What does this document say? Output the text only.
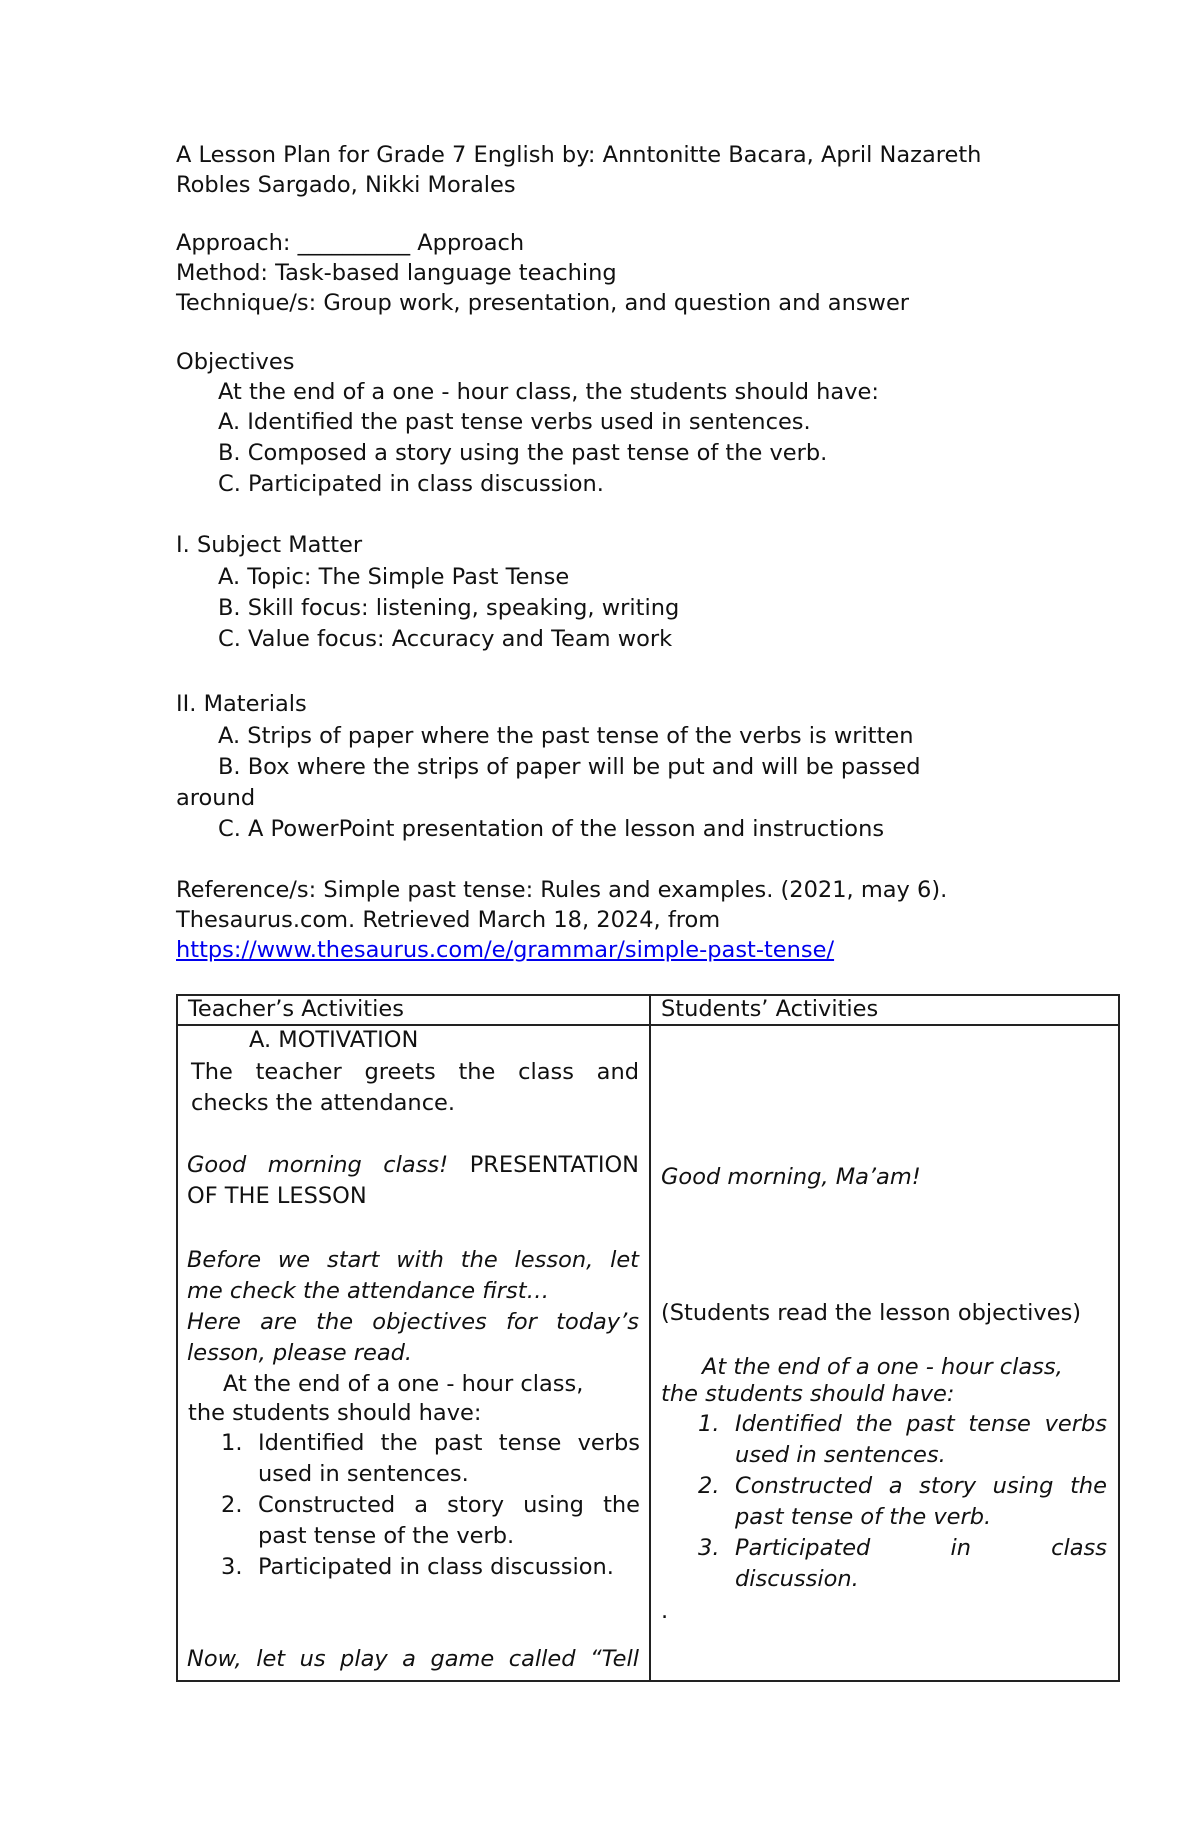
A Lesson Plan for Grade 7 English by: Anntonitte Bacara, April Nazareth
Robles Sargado, Nikki Morales
Approach: __________ Approach
Method: Task-based language teaching
Technique/s: Group work, presentation, and question and answer
Objectives
At the end of a one - hour class, the students should have:
A. Identified the past tense verbs used in sentences.
B. Composed a story using the past tense of the verb.
C. Participated in class discussion.
I. Subject Matter
A. Topic: The Simple Past Tense
B. Skill focus: listening, speaking, writing
C. Value focus: Accuracy and Team work
II. Materials
A. Strips of paper where the past tense of the verbs is written
B. Box where the strips of paper will be put and will be passed
around
C. A PowerPoint presentation of the lesson and instructions
Reference/s: Simple past tense: Rules and examples. (2021, may 6).
Thesaurus.com. Retrieved March 18, 2024, from
https://www.thesaurus.com/e/grammar/simple-past-tense/
Teacher’s Activities	Students’ Activities
A. MOTIVATION
The teacher greets the class and
checks the attendance.
Good morning class! PRESENTATION
OF THE LESSON
Before we start with the lesson, let
me check the attendance first…
Here are the objectives for today’s
lesson, please read.
At the end of a one - hour class,
the students should have:
1. Identified the past tense verbs
used in sentences.
2. Constructed a story using the
past tense of the verb.
3. Participated in class discussion.
Now, let us play a game called “Tell
Good morning, Ma’am!
(Students read the lesson objectives)
At the end of a one - hour class,
the students should have:
1. Identified the past tense verbs
used in sentences.
2. Constructed a story using the
past tense of the verb.
3. Participated in class
discussion.
.
